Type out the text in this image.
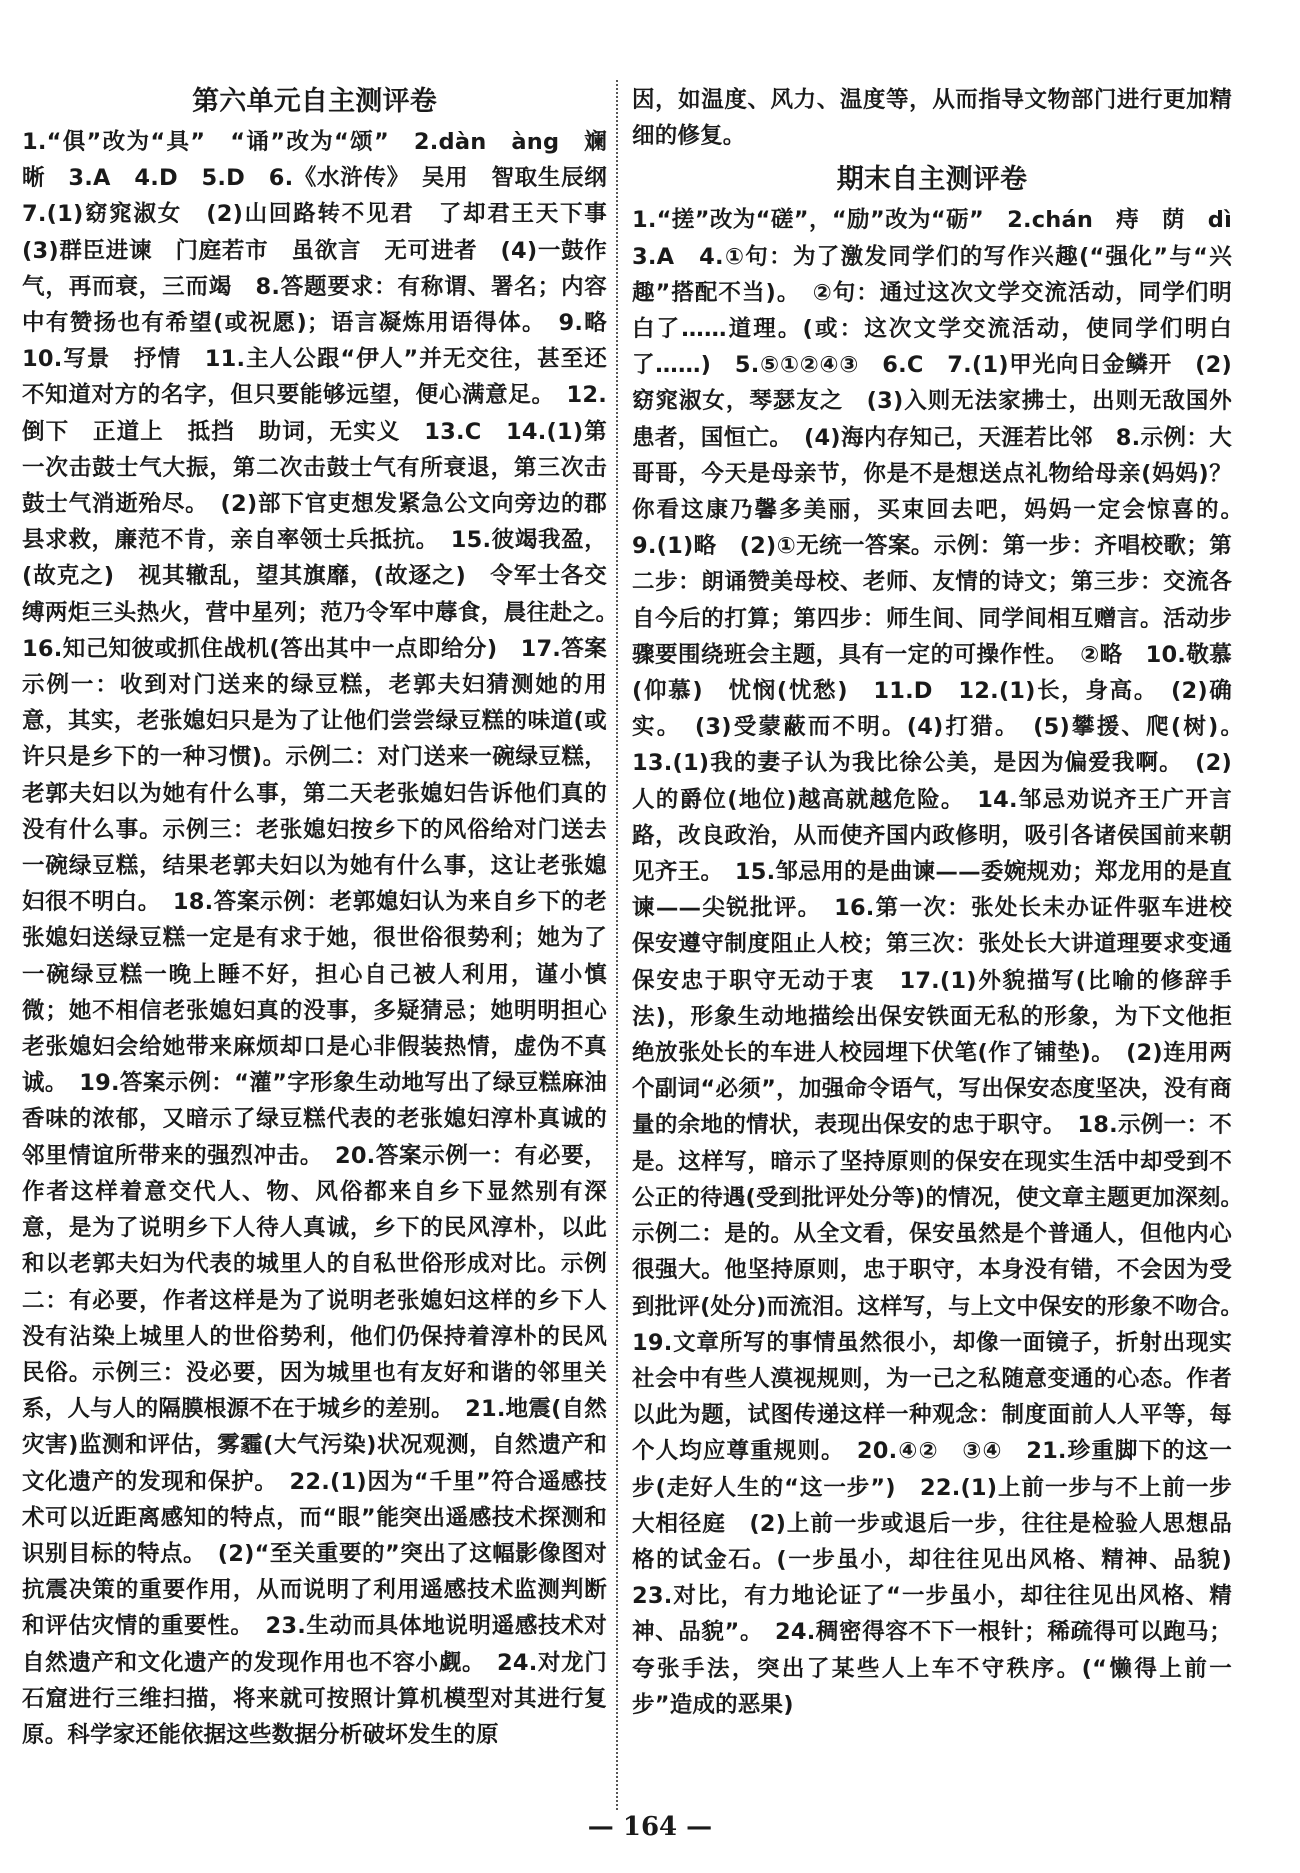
第六单元自主测评卷

1.“俱”改为“具”　“诵”改为“颂”　2.dàn　àng　斓　晰　3.A　4.D　5.D　6.《水浒传》　吴用　智取生辰纲　7.(1)窈窕淑女　(2)山回路转不见君　了却君王天下事　(3)群臣进谏　门庭若市　虽欲言　无可进者　(4)一鼓作气，再而衰，三而竭　8.答题要求：有称谓、署名；内容中有赞扬也有希望(或祝愿)；语言凝炼用语得体。　9.略　10.写景　抒情　11.主人公跟“伊人”并无交往，甚至还不知道对方的名字，但只要能够远望，便心满意足。　12.倒下　正道上　抵挡　助词，无实义　13.C　14.(1)第一次击鼓士气大振，第二次击鼓士气有所衰退，第三次击鼓士气消逝殆尽。　(2)部下官吏想发紧急公文向旁边的郡县求救，廉范不肯，亲自率领士兵抵抗。　15.彼竭我盈，(故克之)　视其辙乱，望其旗靡，(故逐之)　令军士各交缚两炬三头热火，营中星列；范乃令军中蓐食，晨往赴之。　16.知己知彼或抓住战机(答出其中一点即给分)　17.答案示例一：收到对门送来的绿豆糕，老郭夫妇猜测她的用意，其实，老张媳妇只是为了让他们尝尝绿豆糕的味道(或许只是乡下的一种习惯)。示例二：对门送来一碗绿豆糕，老郭夫妇以为她有什么事，第二天老张媳妇告诉他们真的没有什么事。示例三：老张媳妇按乡下的风俗给对门送去一碗绿豆糕，结果老郭夫妇以为她有什么事，这让老张媳妇很不明白。　18.答案示例：老郭媳妇认为来自乡下的老张媳妇送绿豆糕一定是有求于她，很世俗很势利；她为了一碗绿豆糕一晚上睡不好，担心自己被人利用，谨小慎微；她不相信老张媳妇真的没事，多疑猜忌；她明明担心老张媳妇会给她带来麻烦却口是心非假装热情，虚伪不真诚。　19.答案示例：“灌”字形象生动地写出了绿豆糕麻油香味的浓郁，又暗示了绿豆糕代表的老张媳妇淳朴真诚的邻里情谊所带来的强烈冲击。　20.答案示例一：有必要，作者这样着意交代人、物、风俗都来自乡下显然别有深意，是为了说明乡下人待人真诚，乡下的民风淳朴，以此和以老郭夫妇为代表的城里人的自私世俗形成对比。示例二：有必要，作者这样是为了说明老张媳妇这样的乡下人没有沾染上城里人的世俗势利，他们仍保持着淳朴的民风民俗。示例三：没必要，因为城里也有友好和谐的邻里关系，人与人的隔膜根源不在于城乡的差别。　21.地震(自然灾害)监测和评估，雾霾(大气污染)状况观测，自然遗产和文化遗产的发现和保护。　22.(1)因为“千里”符合遥感技术可以近距离感知的特点，而“眼”能突出遥感技术探测和识别目标的特点。　(2)“至关重要的”突出了这幅影像图对抗震决策的重要作用，从而说明了利用遥感技术监测判断和评估灾情的重要性。　23.生动而具体地说明遥感技术对自然遗产和文化遗产的发现作用也不容小觑。　24.对龙门石窟进行三维扫描，将来就可按照计算机模型对其进行复原。科学家还能依据这些数据分析破坏发生的原

因，如温度、风力、温度等，从而指导文物部门进行更加精细的修复。

期末自主测评卷

1.“搓”改为“磋”，“励”改为“砺”　2.chán　痔　荫　dì　3.A　4.①句：为了激发同学们的写作兴趣(“强化”与“兴趣”搭配不当)。　②句：通过这次文学交流活动，同学们明白了……道理。(或：这次文学交流活动，使同学们明白了……)　5.⑤①②④③　6.C　7.(1)甲光向日金鳞开　(2)窈窕淑女，琴瑟友之　(3)入则无法家拂士，出则无敌国外患者，国恒亡。　(4)海内存知己，天涯若比邻　8.示例：大哥哥，今天是母亲节，你是不是想送点礼物给母亲(妈妈)？你看这康乃馨多美丽，买束回去吧，妈妈一定会惊喜的。　9.(1)略　(2)①无统一答案。示例：第一步：齐唱校歌；第二步：朗诵赞美母校、老师、友情的诗文；第三步：交流各自今后的打算；第四步：师生间、同学间相互赠言。活动步骤要围绕班会主题，具有一定的可操作性。　②略　10.敬慕(仰慕)　忧悯(忧愁)　11.D　12.(1)长，身高。　(2)确实。　(3)受蒙蔽而不明。(4)打猎。　(5)攀援、爬(树)。　13.(1)我的妻子认为我比徐公美，是因为偏爱我啊。　(2)人的爵位(地位)越高就越危险。　14.邹忌劝说齐王广开言路，改良政治，从而使齐国内政修明，吸引各诸侯国前来朝见齐王。　15.邹忌用的是曲谏——委婉规劝；郑龙用的是直谏——尖锐批评。　16.第一次：张处长未办证件驱车进校　保安遵守制度阻止人校；第三次：张处长大讲道理要求变通　保安忠于职守无动于衷　17.(1)外貌描写(比喻的修辞手法)，形象生动地描绘出保安铁面无私的形象，为下文他拒绝放张处长的车进人校园埋下伏笔(作了铺垫)。　(2)连用两个副词“必须”，加强命令语气，写出保安态度坚决，没有商量的余地的情状，表现出保安的忠于职守。　18.示例一：不是。这样写，暗示了坚持原则的保安在现实生活中却受到不公正的待遇(受到批评处分等)的情况，使文章主题更加深刻。　示例二：是的。从全文看，保安虽然是个普通人，但他内心很强大。他坚持原则，忠于职守，本身没有错，不会因为受到批评(处分)而流泪。这样写，与上文中保安的形象不吻合。　19.文章所写的事情虽然很小，却像一面镜子，折射出现实社会中有些人漠视规则，为一己之私随意变通的心态。作者以此为题，试图传递这样一种观念：制度面前人人平等，每个人均应尊重规则。　20.④②　③④　21.珍重脚下的这一步(走好人生的“这一步”)　22.(1)上前一步与不上前一步大相径庭　(2)上前一步或退后一步，往往是检验人思想品格的试金石。(一步虽小，却往往见出风格、精神、品貌)　23.对比，有力地论证了“一步虽小，却往往见出风格、精神、品貌”。　24.稠密得容不下一根针；稀疏得可以跑马；夸张手法，突出了某些人上车不守秩序。(“懒得上前一步”造成的恶果)

— 164 —
